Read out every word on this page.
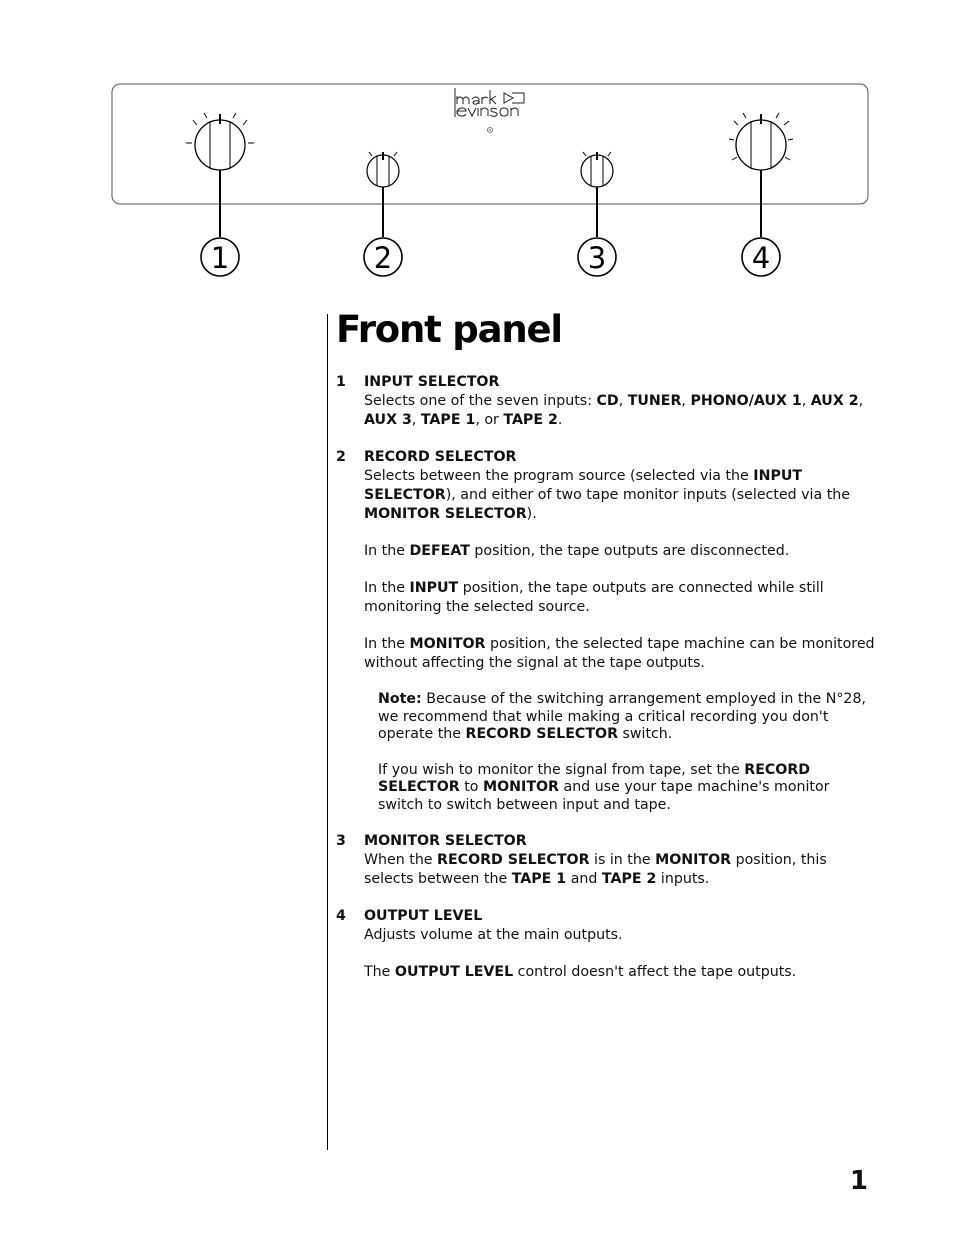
1	2	3	4
Front panel
1	INPUT SELECTOR

Selects one of the seven inputs: CD, TUNER, PHONO/AUX 1, AUX 2, AUX 3, TAPE 1, or TAPE 2.

2	RECORD SELECTOR

Selects between the program source (selected via the INPUT SELECTOR), and either of two tape monitor inputs (selected via the MONITOR SELECTOR).

In the DEFEAT position, the tape outputs are disconnected.

In the INPUT position, the tape outputs are connected while still monitoring the selected source.

In the MONITOR position, the selected tape machine can be monitored without affecting the signal at the tape outputs.

Note: Because of the switching arrangement employed in the N°28, we recommend that while making a critical recording you don't operate the RECORD SELECTOR switch.

If you wish to monitor the signal from tape, set the RECORD SELECTOR to MONITOR and use your tape machine's monitor switch to switch between input and tape.

3	MONITOR SELECTOR

When the RECORD SELECTOR is in the MONITOR position, this selects between the TAPE 1 and TAPE 2 inputs.

4	OUTPUT LEVEL

Adjusts volume at the main outputs.

The OUTPUT LEVEL control doesn't affect the tape outputs.

1
